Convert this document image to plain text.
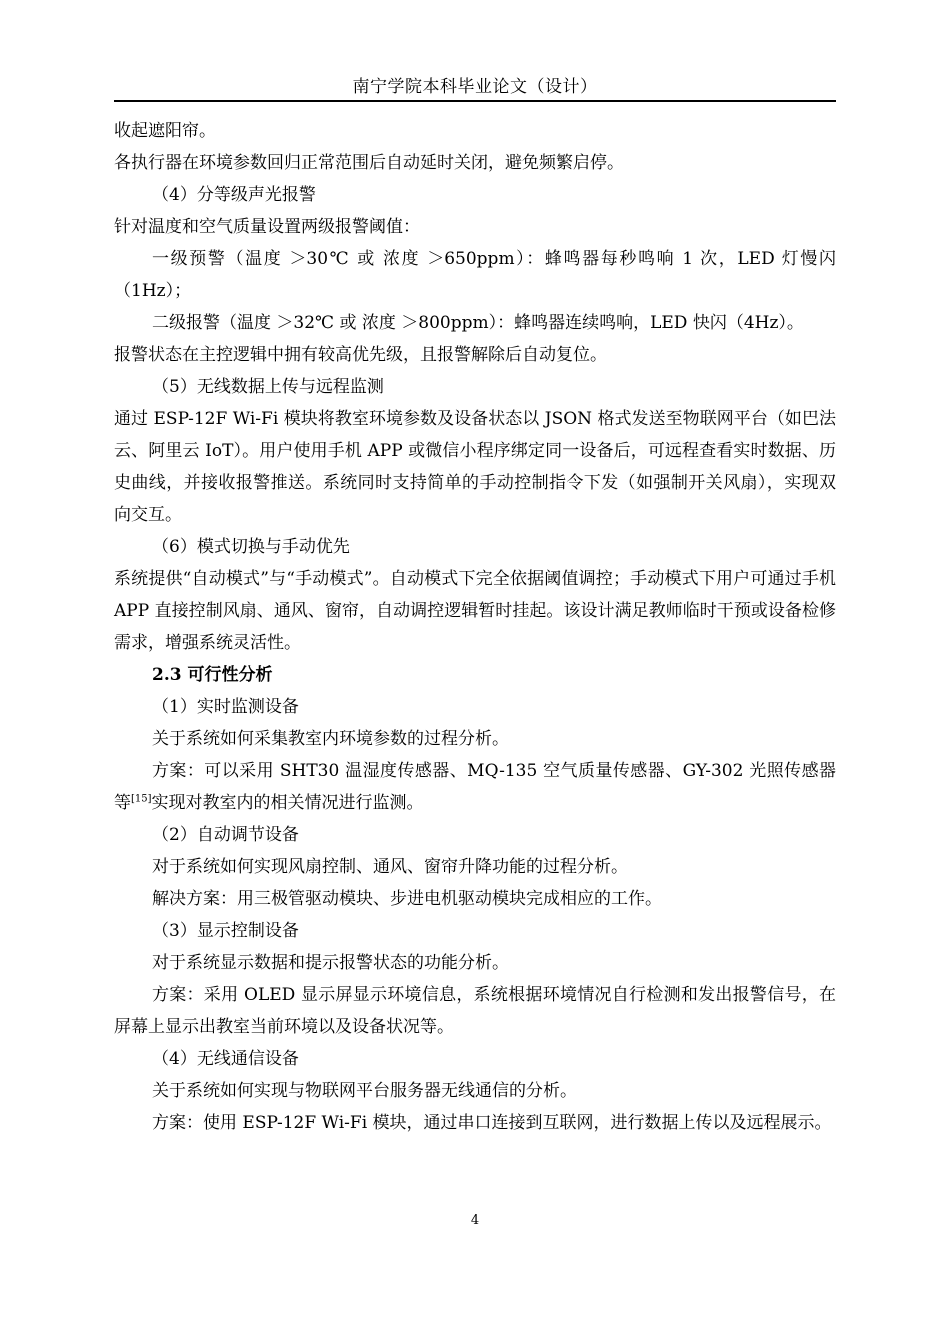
南宁学院本科毕业论文（设计）

收起遮阳帘。

各执行器在环境参数回归正常范围后自动延时关闭，避免频繁启停。

（4）分等级声光报警

针对温度和空气质量设置两级报警阈值：

一级预警（温度 ＞30℃ 或 浓度 ＞650ppm）：蜂鸣器每秒鸣响 1 次，LED 灯慢闪（1Hz）；

二级报警（温度 ＞32℃ 或 浓度 ＞800ppm）：蜂鸣器连续鸣响，LED 快闪（4Hz）。

报警状态在主控逻辑中拥有较高优先级，且报警解除后自动复位。

（5）无线数据上传与远程监测

通过 ESP-12F Wi-Fi 模块将教室环境参数及设备状态以 JSON 格式发送至物联网平台（如巴法云、阿里云 IoT）。用户使用手机 APP 或微信小程序绑定同一设备后，可远程查看实时数据、历史曲线，并接收报警推送。系统同时支持简单的手动控制指令下发（如强制开关风扇），实现双向交互。

（6）模式切换与手动优先

系统提供“自动模式”与“手动模式”。自动模式下完全依据阈值调控；手动模式下用户可通过手机 APP 直接控制风扇、通风、窗帘，自动调控逻辑暂时挂起。该设计满足教师临时干预或设备检修需求，增强系统灵活性。

2.3 可行性分析

（1）实时监测设备

关于系统如何采集教室内环境参数的过程分析。

方案：可以采用 SHT30 温湿度传感器、MQ-135 空气质量传感器、GY-302 光照传感器等[15]实现对教室内的相关情况进行监测。

（2）自动调节设备

对于系统如何实现风扇控制、通风、窗帘升降功能的过程分析。

解决方案：用三极管驱动模块、步进电机驱动模块完成相应的工作。

（3）显示控制设备

对于系统显示数据和提示报警状态的功能分析。

方案：采用 OLED 显示屏显示环境信息，系统根据环境情况自行检测和发出报警信号，在屏幕上显示出教室当前环境以及设备状况等。

（4）无线通信设备

关于系统如何实现与物联网平台服务器无线通信的分析。

方案：使用 ESP-12F Wi-Fi 模块，通过串口连接到互联网，进行数据上传以及远程展示。

4
